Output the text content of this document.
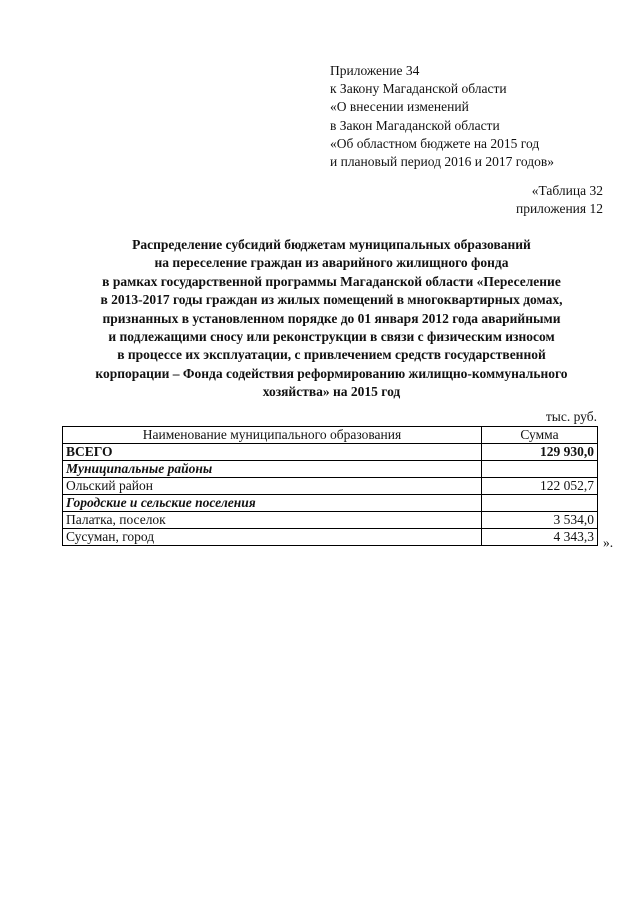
Приложение 34
к Закону Магаданской области
«О внесении изменений
в Закон Магаданской области
«Об областном бюджете на 2015 год
и плановый период 2016 и 2017 годов»
«Таблица 32
приложения 12
Распределение субсидий бюджетам муниципальных образований
на переселение граждан из аварийного жилищного фонда
в рамках государственной программы Магаданской области «Переселение
в 2013-2017 годы граждан из жилых помещений в многоквартирных домах,
признанных в установленном порядке до 01 января 2012 года аварийными
и подлежащими сносу или реконструкции в связи с физическим износом
в процессе их эксплуатации, с привлечением средств государственной
корпорации – Фонда содействия реформированию жилищно-коммунального
хозяйства» на 2015 год
тыс. руб.
Наименование муниципального образования	Сумма
ВСЕГО	129 930,0
Муниципальные районы	
Ольский район	122 052,7
Городские и сельские поселения	
Палатка, поселок	3 534,0
Сусуман, город	4 343,3 ».
